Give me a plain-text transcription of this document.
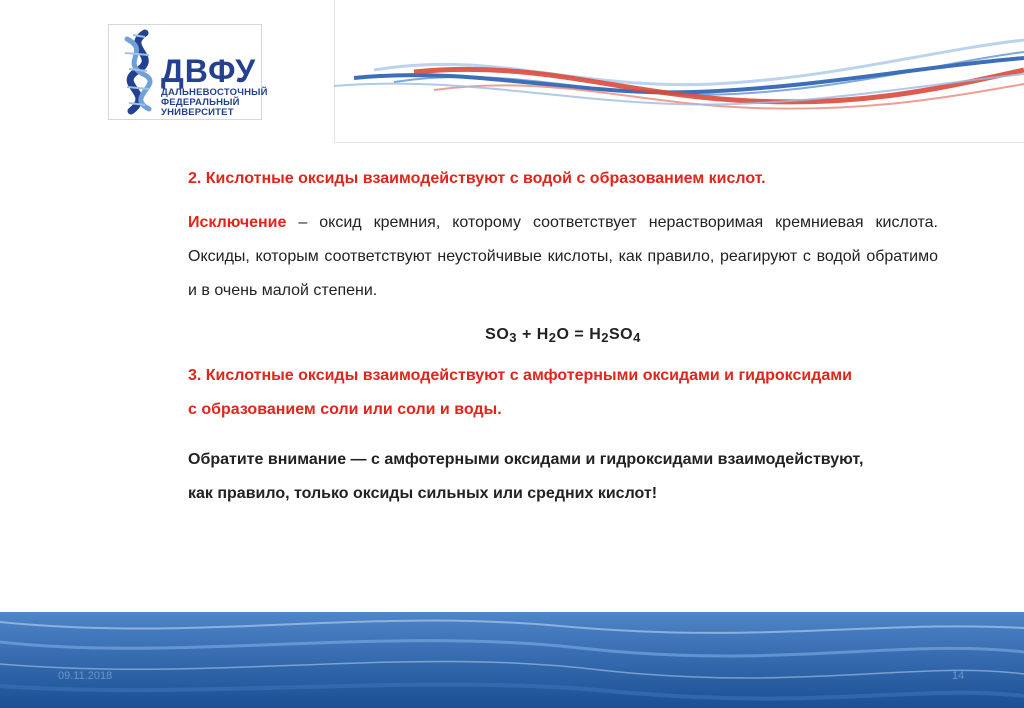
ДВФУ
ДАЛЬНЕВОСТОЧНЫЙ
ФЕДЕРАЛЬНЫЙ
УНИВЕРСИТЕТ

2. Кислотные оксиды взаимодействуют с водой с образованием кислот.

Исключение – оксид кремния, которому соответствует нерастворимая кремниевая кислота. Оксиды, которым соответствуют неустойчивые кислоты, как правило, реагируют с водой обратимо и в очень малой степени.

$SO_3 + H_2O = H_2SO_4$

3. Кислотные оксиды взаимодействуют с амфотерными оксидами и гидроксидами

с образованием соли или соли и воды.

Обратите внимание — с амфотерными оксидами и гидроксидами взаимодействуют,

как правило, только оксиды сильных или средних кислот!

09.11.2018	14
